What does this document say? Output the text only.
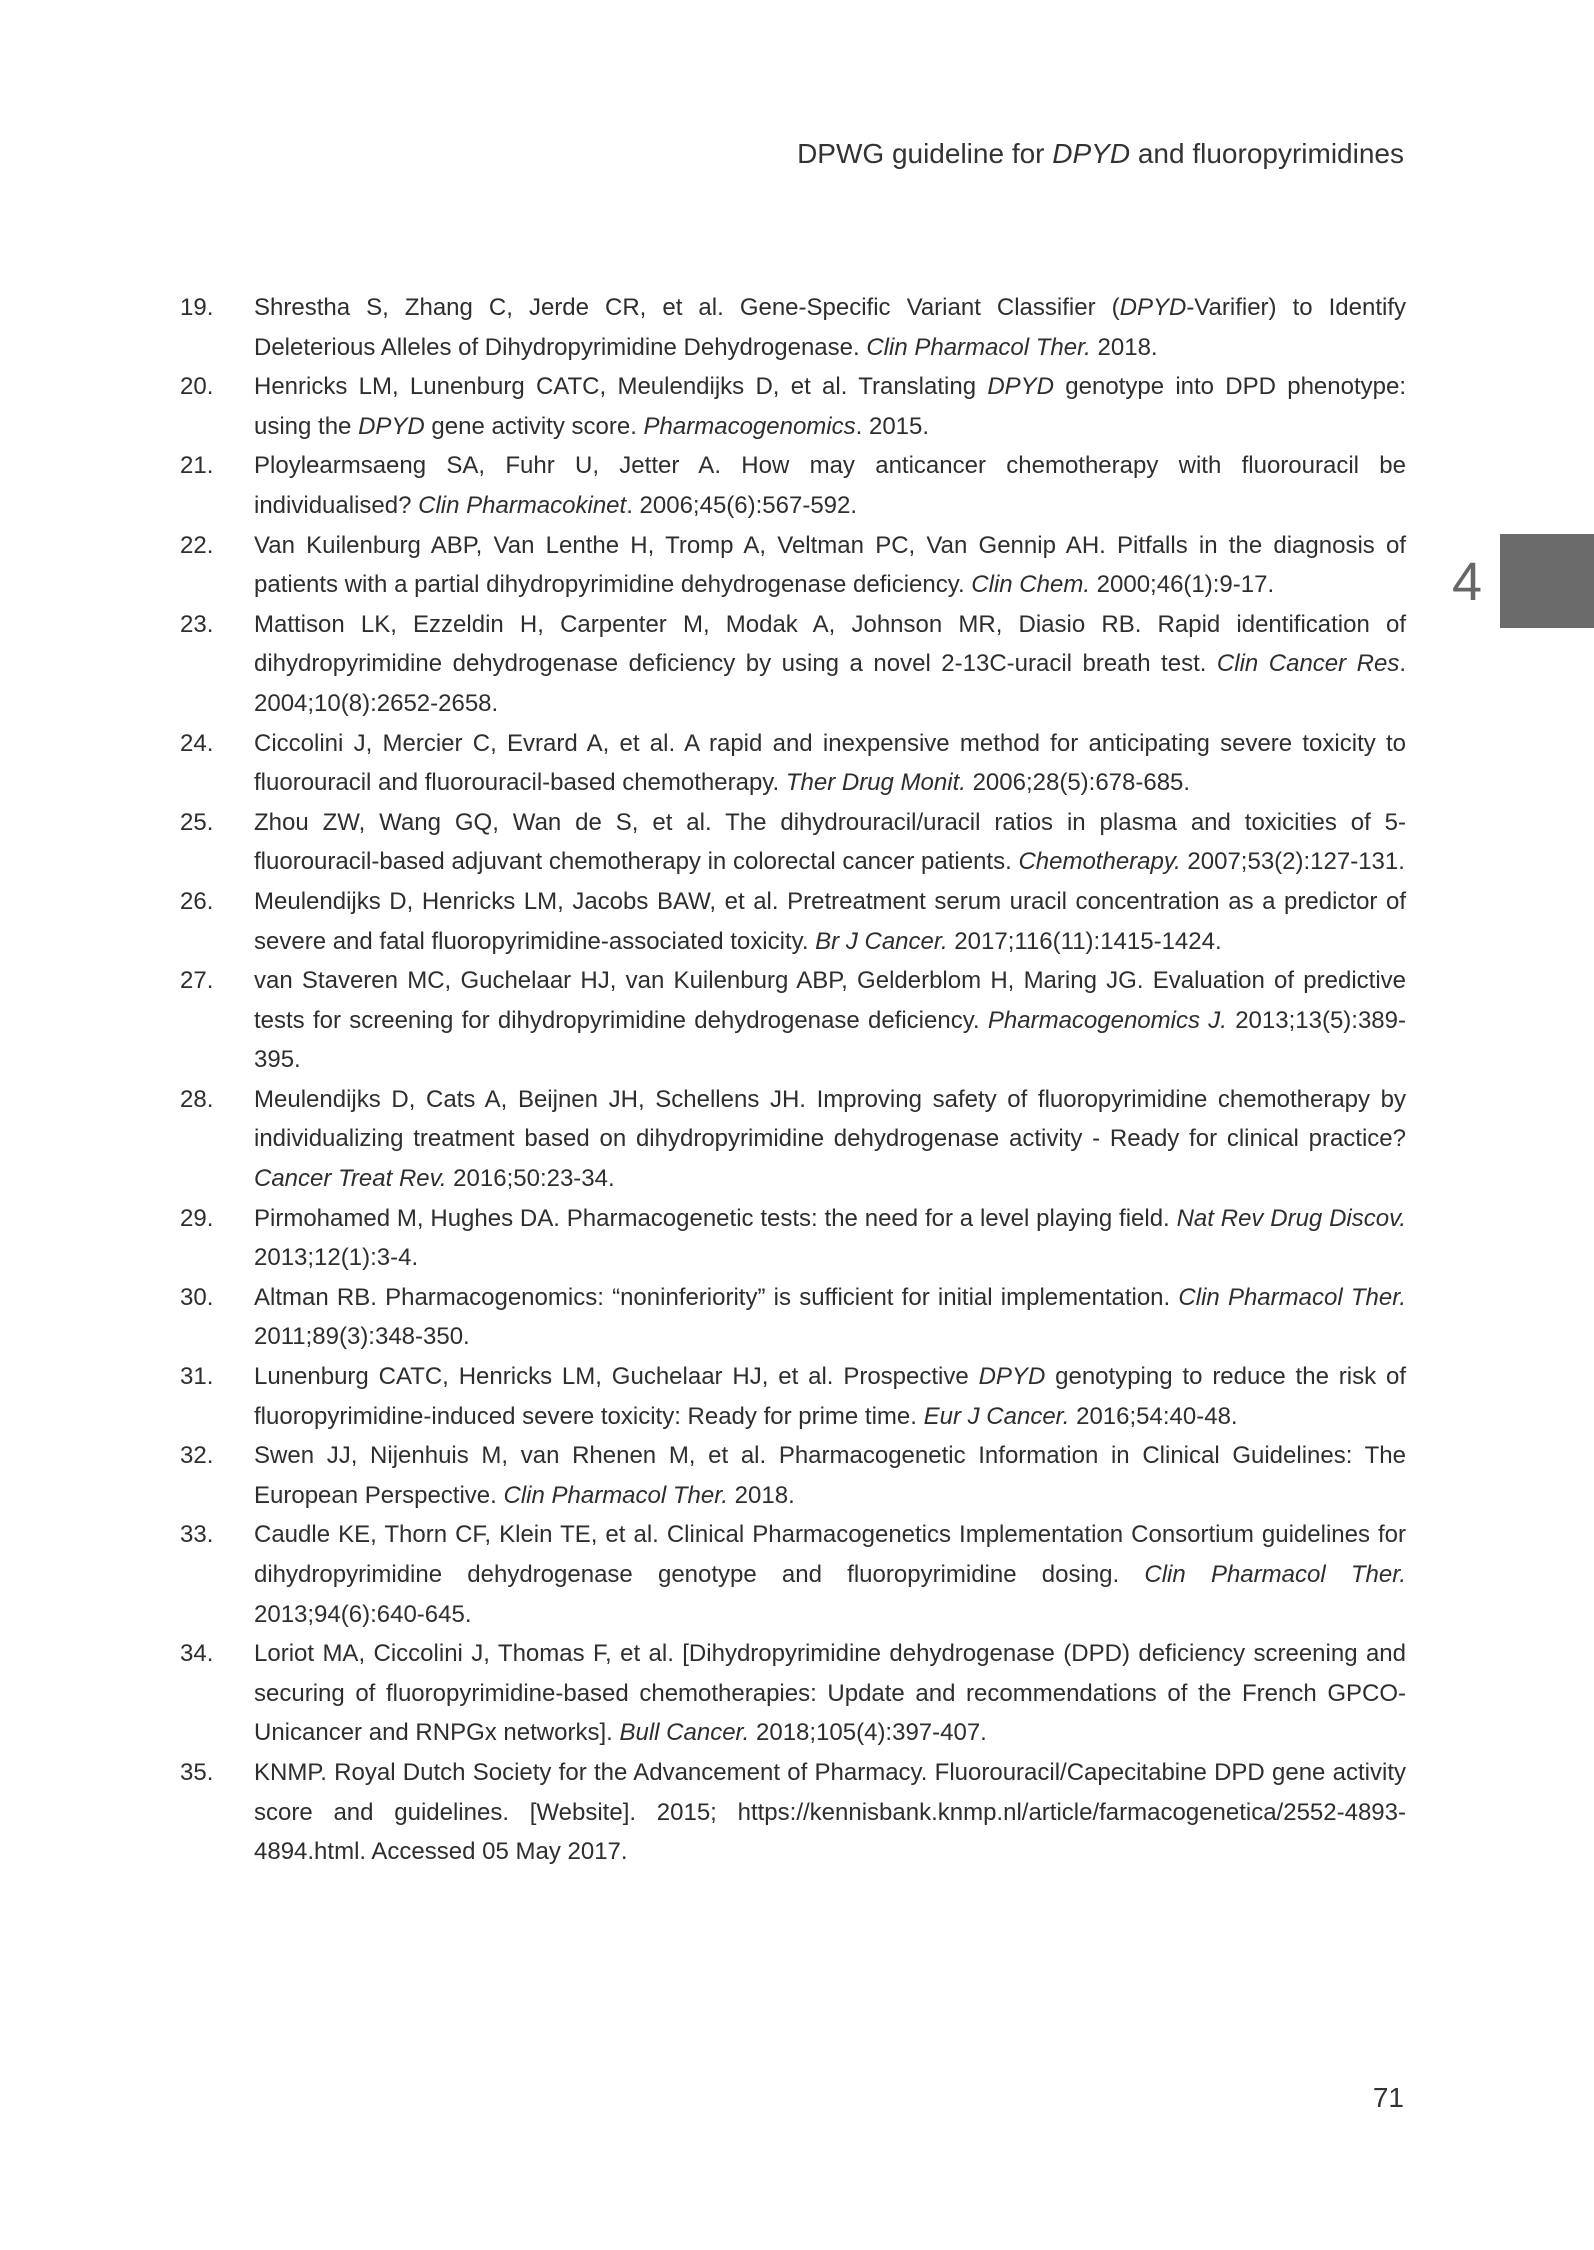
DPWG guideline for DPYD and fluoropyrimidines
4
19.	Shrestha S, Zhang C, Jerde CR, et al. Gene-Specific Variant Classifier (DPYD-Varifier) to Identify Deleterious Alleles of Dihydropyrimidine Dehydrogenase. Clin Pharmacol Ther. 2018.
20.	Henricks LM, Lunenburg CATC, Meulendijks D, et al. Translating DPYD genotype into DPD phenotype: using the DPYD gene activity score. Pharmacogenomics. 2015.
21.	Ploylearmsaeng SA, Fuhr U, Jetter A. How may anticancer chemotherapy with fluorouracil be individualised? Clin Pharmacokinet. 2006;45(6):567-592.
22.	Van Kuilenburg ABP, Van Lenthe H, Tromp A, Veltman PC, Van Gennip AH. Pitfalls in the diagnosis of patients with a partial dihydropyrimidine dehydrogenase deficiency. Clin Chem. 2000;46(1):9-17.
23.	Mattison LK, Ezzeldin H, Carpenter M, Modak A, Johnson MR, Diasio RB. Rapid identification of dihydropyrimidine dehydrogenase deficiency by using a novel 2-13C-uracil breath test. Clin Cancer Res. 2004;10(8):2652-2658.
24.	Ciccolini J, Mercier C, Evrard A, et al. A rapid and inexpensive method for anticipating severe toxicity to fluorouracil and fluorouracil-based chemotherapy. Ther Drug Monit. 2006;28(5):678-685.
25.	Zhou ZW, Wang GQ, Wan de S, et al. The dihydrouracil/uracil ratios in plasma and toxicities of 5-fluorouracil-based adjuvant chemotherapy in colorectal cancer patients. Chemotherapy. 2007;53(2):127-131.
26.	Meulendijks D, Henricks LM, Jacobs BAW, et al. Pretreatment serum uracil concentration as a predictor of severe and fatal fluoropyrimidine-associated toxicity. Br J Cancer. 2017;116(11):1415-1424.
27.	van Staveren MC, Guchelaar HJ, van Kuilenburg ABP, Gelderblom H, Maring JG. Evaluation of predictive tests for screening for dihydropyrimidine dehydrogenase deficiency. Pharmacogenomics J. 2013;13(5):389-395.
28.	Meulendijks D, Cats A, Beijnen JH, Schellens JH. Improving safety of fluoropyrimidine chemotherapy by individualizing treatment based on dihydropyrimidine dehydrogenase activity - Ready for clinical practice? Cancer Treat Rev. 2016;50:23-34.
29.	Pirmohamed M, Hughes DA. Pharmacogenetic tests: the need for a level playing field. Nat Rev Drug Discov. 2013;12(1):3-4.
30.	Altman RB. Pharmacogenomics: “noninferiority” is sufficient for initial implementation. Clin Pharmacol Ther. 2011;89(3):348-350.
31.	Lunenburg CATC, Henricks LM, Guchelaar HJ, et al. Prospective DPYD genotyping to reduce the risk of fluoropyrimidine-induced severe toxicity: Ready for prime time. Eur J Cancer. 2016;54:40-48.
32.	Swen JJ, Nijenhuis M, van Rhenen M, et al. Pharmacogenetic Information in Clinical Guidelines: The European Perspective. Clin Pharmacol Ther. 2018.
33.	Caudle KE, Thorn CF, Klein TE, et al. Clinical Pharmacogenetics Implementation Consortium guidelines for dihydropyrimidine dehydrogenase genotype and fluoropyrimidine dosing. Clin Pharmacol Ther. 2013;94(6):640-645.
34.	Loriot MA, Ciccolini J, Thomas F, et al. [Dihydropyrimidine dehydrogenase (DPD) deficiency screening and securing of fluoropyrimidine-based chemotherapies: Update and recommendations of the French GPCO-Unicancer and RNPGx networks]. Bull Cancer. 2018;105(4):397-407.
35.	KNMP. Royal Dutch Society for the Advancement of Pharmacy. Fluorouracil/Capecitabine DPD gene activity score and guidelines. [Website]. 2015; https://kennisbank.knmp.nl/article/farmacogenetica/2552-4893-4894.html. Accessed 05 May 2017.
71
